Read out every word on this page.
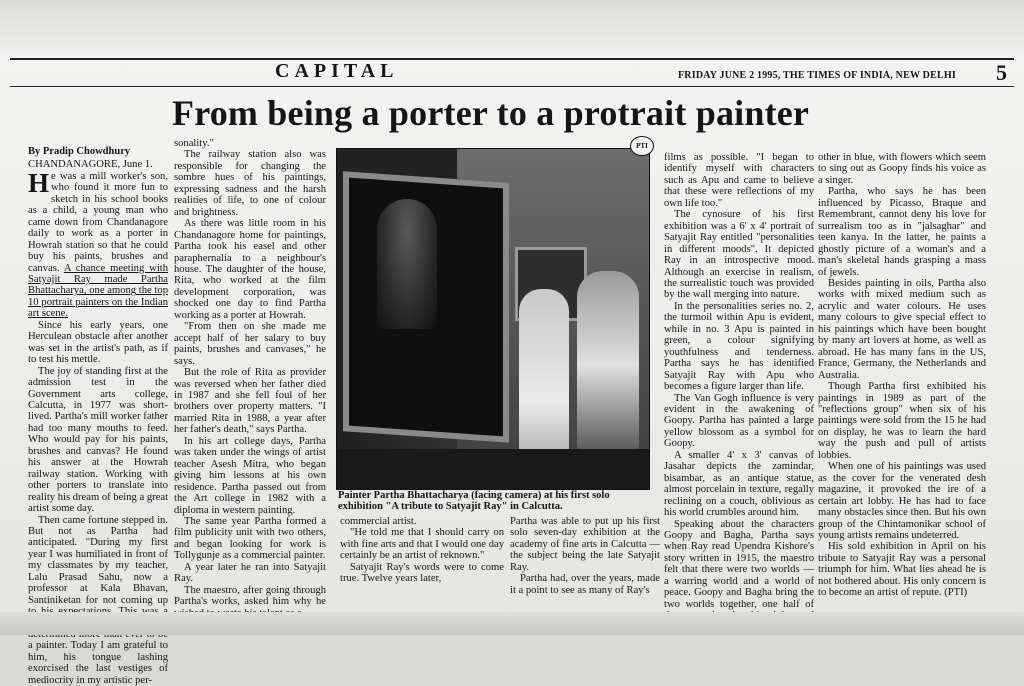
CAPITAL	FRIDAY JUNE 2 1995, THE TIMES OF INDIA, NEW DELHI 5
From being a porter to a protrait painter
By Pradip Chowdhury

CHANDANAGORE, June 1.

H e was a mill worker's son, who found it more fun to sketch in his school books as a child, a young man who came down from Chandanagore daily to work as a porter in Howrah station so that he could buy his paints, brushes and canvas. A chance meeting with Satyajit Ray made Partha Bhattacharya, one among the top 10 portrait painters on the Indian art scene.

Since his early years, one Herculean obstacle after another was set in the artist's path, as if to test his mettle.

The joy of standing first at the admission test in the Government arts college, Calcutta, in 1977 was short-lived. Partha's mill worker father had too many mouths to feed. Who would pay for his paints, brushes and canvas? He found his answer at the Howrah railway station. Working with other porters to translate into reality his dream of being a great artist some day.

Then came fortune stepped in. But not as Partha had anticipated. "During my first year I was humiliated in front of my classmates by my teacher, Lalu Prasad Sahu, now a professor at Kala Bhavan, Santiniketan for not coming up a painter. Today I am grateful to him, his tongue lashing exorcised the last vestiges of mediocrity in my artistic per-

sonality."

The railway station also was responsible for changing the sombre hues of his paintings, expressing sadness and the harsh realities of life, to one of colour and brightness.

As there was little room in his Chandanagore home for paintings, Partha took his easel and other paraphernalia to a neighbour's house. The daughter of the house, Rita, who worked at the film development corporation, was shocked one day to find Partha working as a porter at Howrah.

"From then on she made me accept half of her salary to buy paints, brushes and canvases," he says.

But the role of Rita as provider was reversed when her father died in 1987 and she fell foul of her brothers over property matters. "I married Rita in 1988, a year after her father's death," says Partha.

In his art college days, Partha was taken under the wings of artist teacher Asesh Mitra, who began giving him lessons at his own residence. Partha passed out from the Art college in 1982 with a diploma in western painting.

The same year Partha formed a film publicity unit with two others, and began looking for work is Tollygunje as a commercial painter.

A year later he ran into Satyajit Ray.

The maestro, after going through Partha's works, asked him why he

PTI
Painter Partha Bhattacharya (facing camera) at his first solo exhibition "A tribute to Satyajit Ray" in Calcutta.

commercial artist.

"He told me that I should carry on with fine arts and that I would one day certainly be an artist of reknown."

Satyajit Ray's words were to come true. Twelve years later,

Partha was able to put up his first solo seven-day exhibition at the academy of fine arts in Calcutta — the subject being the late Satyajit Ray.

Partha had, over the years, made it a point to see as many of Ray's

films as possible. "I began to identify myself with characters such as Apu and came to believe that these were reflections of my own life too."

The cynosure of his first exhibition was a 6' x 4' portrait of Satyajit Ray entitled "personalities in different moods". It depicted Ray in an introspective mood. Although an exercise in realism, the surrealistic touch was provided by the wall merging into nature.

In the personalities series no. 2, the turmoil within Apu is evident, while in no. 3 Apu is painted in green, a colour signifying youthfulness and tenderness. Partha says he has identified Satyajit Ray with Apu who becomes a figure larger than life.

The Van Gogh influence is very evident in the awakening of Goopy. Partha has painted a large yellow blossom as a symbol for Goopy.

A smaller 4' x 3' canvas of Jasahar depicts the zamindar, bisambar, as an antique statue, almost porcelain in texture, regally reclining on a couch, oblivious as his world crumbles around him.

Speaking about the characters Goopy and Bagha, Partha says when Ray read Upendra Kishore's story written in 1915, the maestro felt that there were two worlds — a warring world and a world of peace. Goopy and Bagha bring the two worlds together, one half of

other in blue, with flowers which seem to sing out as Goopy finds his voice as a singer.

Partha, who says he has been influenced by Picasso, Braque and Remembrant, cannot deny his love for surrealism too as in "jalsaghar" and teen kanya. In the latter, he paints a ghostly picture of a woman's and a man's skeletal hands grasping a mass of jewels.

Besides painting in oils, Partha also works with mixed medium such as acrylic and water colours. He uses many colours to give special effect to his paintings which have been bought by many art lovers at home, as well as abroad. He has many fans in the US, France, Germany, the Netherlands and Australia.

Though Partha first exhibited his paintings in 1989 as part of the "reflections group" when six of his paintings were sold from the 15 he had on display, he was to learn the hard way the push and pull of artists lobbies.

When one of his paintings was used as the cover for the venerated desh magazine, it provoked the ire of a certain art lobby. He has had to face many obstacles since then. But his own group of the Chintamonikar school of young artists remains undeterred.

His sold exhibition in April on his tribute to Satyajit Ray was a personal triumph for him. What lies ahead he is not bothered about. His only concern is to become an artist of repute. (PTI)
